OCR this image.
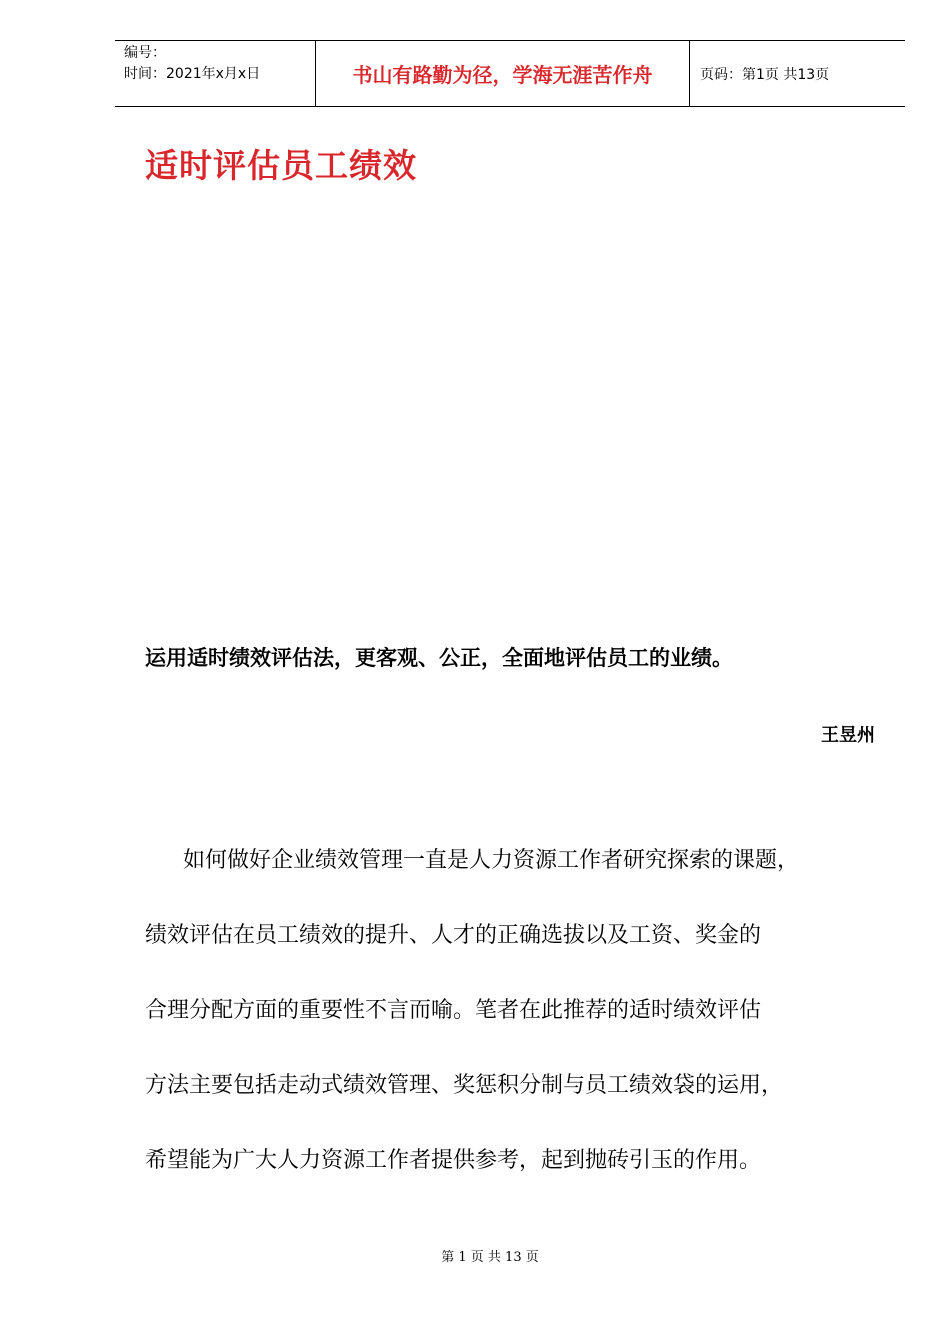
编号：
时间：2021年x月x日	书山有路勤为径，学海无涯苦作舟	页码：第1页 共13页
适时评估员工绩效
运用适时绩效评估法，更客观、公正，全面地评估员工的业绩。
王昱州
如何做好企业绩效管理一直是人力资源工作者研究探索的课题，
绩效评估在员工绩效的提升、人才的正确选拔以及工资、奖金的
合理分配方面的重要性不言而喻。笔者在此推荐的适时绩效评估
方法主要包括走动式绩效管理、奖惩积分制与员工绩效袋的运用，
希望能为广大人力资源工作者提供参考，起到抛砖引玉的作用。
第 1 页 共 13 页
